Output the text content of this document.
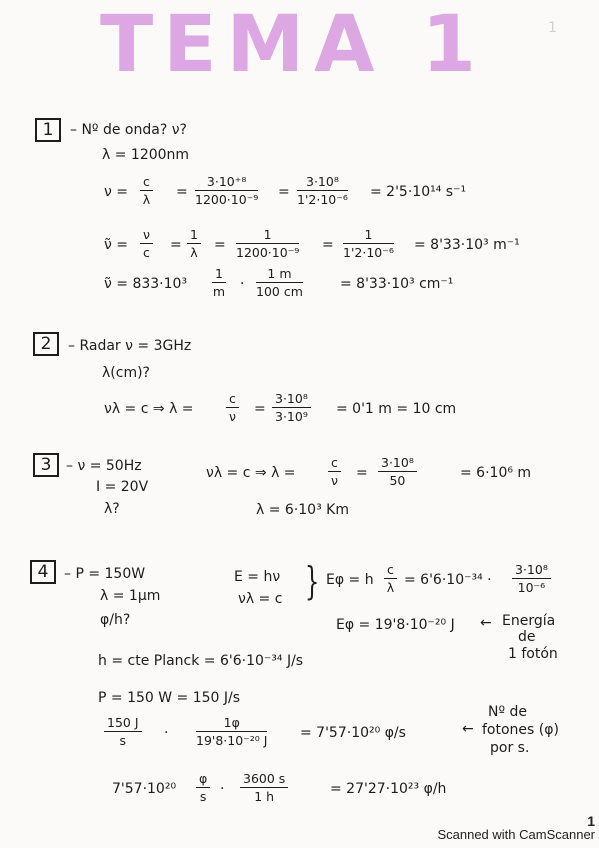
TEMA 1	1
1	– Nº de onda? ν?
λ = 1200nm
$\nu = \frac{c}{\lambda} = \frac{\text{3·10⁺⁸}}{\text{1200·10⁻⁹}} = \frac{\text{3·10⁸}}{\text{1'2·10⁻⁶}} = 2'5\cdot 10^{14}$ s⁻¹
ν̃ = $\frac{\nu}{c} = \frac{1}{\lambda} = \frac{1}{\text{1200·10⁻⁹}} = \frac{1}{\text{1'2·10⁻⁶}} = 8'33\cdot 10^3$ m⁻¹
ν̃ = $833\cdot 10^3 \frac{1}{m} \cdot \frac{1 m}{100 cm}$	= 8'33·10³ cm⁻¹
2	– Radar ν = 3GHz
λ(cm)?
νλ = c ⇒ λ =	$\frac{c}{\nu} = \frac{\text{3·10⁸}}{\text{3·10⁹}} = 0'1$ m = 10 cm
3	– ν = 50Hz
I = 20V
λ?
νλ = c ⇒ λ =	$\frac{c}{\nu} = \frac{\text{3·10⁸}}{50}$	= 6·10⁶ m
λ = 6·10³ Km
4	– P = 150W
λ = 1μm
φ/h?
E = hν
νλ = c } Eφ = h $\frac{c}{\lambda} = 6'6\cdot 10^{-34} \cdot \frac{\text{3·10⁸}}{\text{10⁻⁶}}$
Eφ = 19'8·10⁻²⁰ J ← Energía
de
1 fotón
h = cte Planck = 6'6·10⁻³⁴ J/s
P = 150 W = 150 J/s
$\frac{150 J}{s} \cdot \frac{1\varphi}{\text{19'8·10⁻²⁰ J}} = 7'57\cdot 10^{20}$ φ/s	←
Nº de
fotones (φ)
por s.
$7'57\cdot 10^{20} \frac{\varphi}{s} \cdot \frac{3600 s}{1 h}$	= 27'27·10²³ φ/h
1
Scanned with CamScanner
